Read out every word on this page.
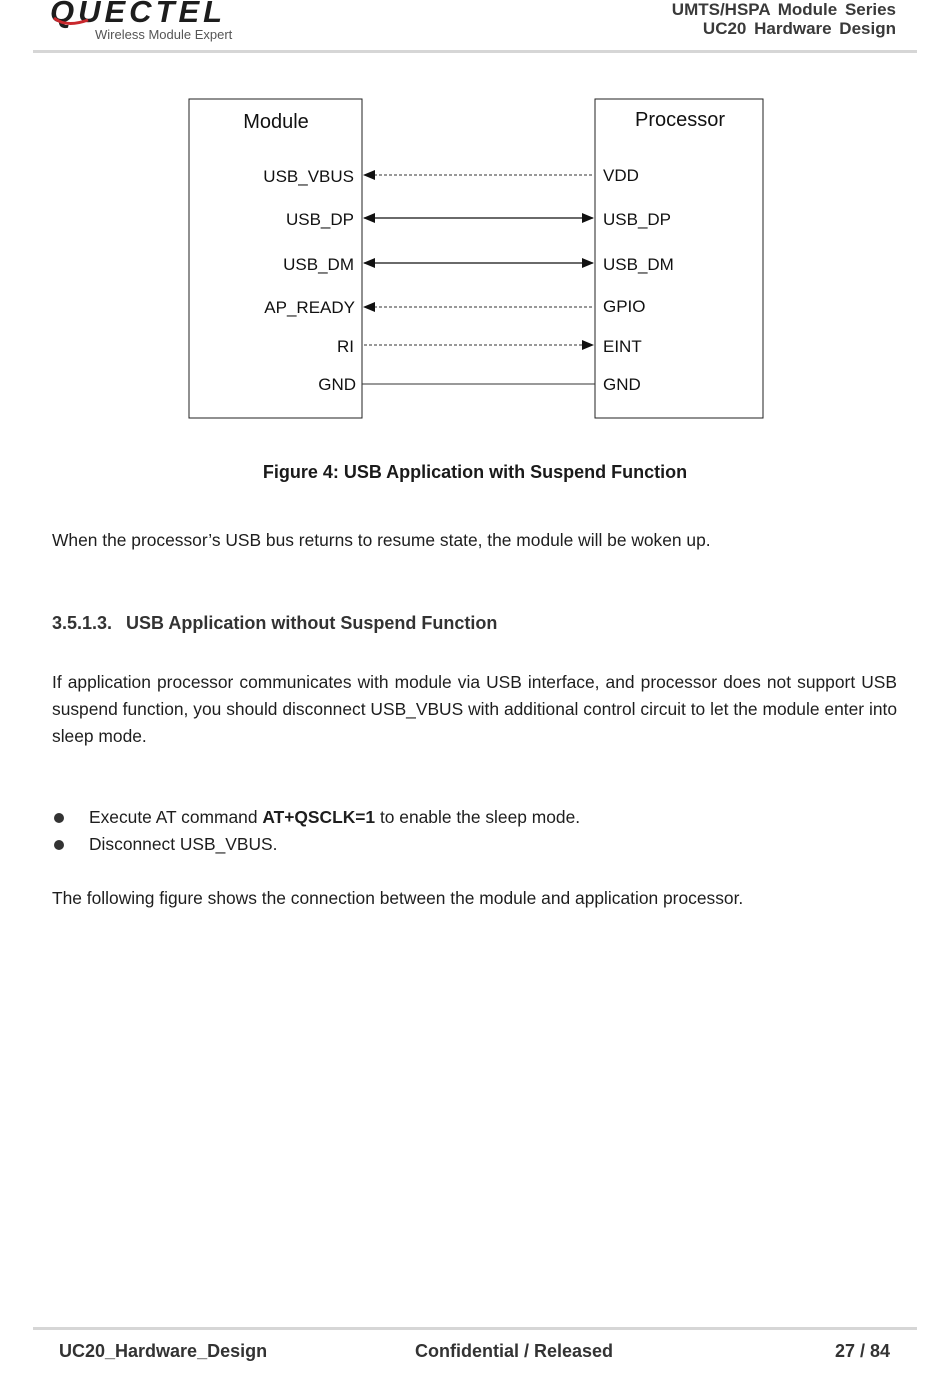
QUECTEL
Wireless Module Expert
UMTS/HSPA Module Series
UC20 Hardware Design
Module	Processor
USB_VBUS
USB_DP
USB_DM
AP_READY
RI
GND
VDD
USB_DP
USB_DM
GPIO
EINT
GND
Figure 4: USB Application with Suspend Function
When the processor’s USB bus returns to resume state, the module will be woken up.
3.5.1.3. USB Application without Suspend Function
If application processor communicates with module via USB interface, and processor does not support USB suspend function, you should disconnect USB_VBUS with additional control circuit to let the module enter into sleep mode.
Execute AT command AT+QSCLK=1 to enable the sleep mode.
Disconnect USB_VBUS.
The following figure shows the connection between the module and application processor.
UC20_Hardware_Design	Confidential / Released	27 / 84
